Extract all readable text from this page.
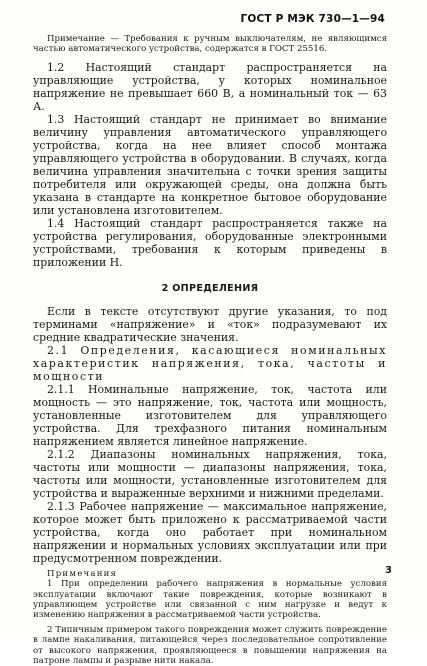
ГОСТ Р МЭК 730—1—94
Примечание — Требования к ручным выключателям, не являющимся частью автоматического устройства, содержатся в ГОСТ 25516.

1.2 Настоящий стандарт распространяется на управляющие устройства, у которых номинальное напряжение не превышает 660 В, а номинальный ток — 63 А.

1.3 Настоящий стандарт не принимает во внимание величину управления автоматического управляющего устройства, когда на нее влияет способ монтажа управляющего устройства в оборудовании. В случаях, когда величина управления значительна с точки зрения защиты потребителя или окружающей среды, она должна быть указана в стандарте на конкретное бытовое оборудование или установлена изготовителем.

1.4 Настоящий стандарт распространяется также на устройства регулирования, оборудованные электронными устройствами, требования к которым приведены в приложении Н.

2 ОПРЕДЕЛЕНИЯ

Если в тексте отсутствуют другие указания, то под терминами «напряжение» и «ток» подразумевают их средние квадратические значения.

2.1 Определения, касающиеся номинальных характеристик напряжения, тока, частоты и мощности

2.1.1 Номинальные напряжение, ток, частота или мощность — это напряжение, ток, частота или мощность, установленные изготовителем для управляющего устройства. Для трехфазного питания номинальным напряжением является линейное напряжение.

2.1.2 Диапазоны номинальных напряжения, тока, частоты или мощности — диапазоны напряжения, тока, частоты или мощности, установленные изготовителем для устройства и выраженные верхними и нижними пределами.

2.1.3 Рабочее напряжение — максимальное напряжение, которое может быть приложено к рассматриваемой части устройства, когда оно работает при номинальном напряжении и нормальных условиях эксплуатации или при предусмотренном повреждении.

Примечания
1 При определении рабочего напряжения в нормальные условия эксплуатации включают такие повреждения, которые возникают в управляющем устройстве или связанной с ним нагрузке и ведут к изменению напряжения в рассматриваемой части устройства.
2 Типичным примером такого повреждения может служить повреждение в лампе накаливания, питающейся через последовательное сопротивление от высокого напряжения, проявляющееся в повышении напряжения на патроне лампы и разрыве нити накала.
3
